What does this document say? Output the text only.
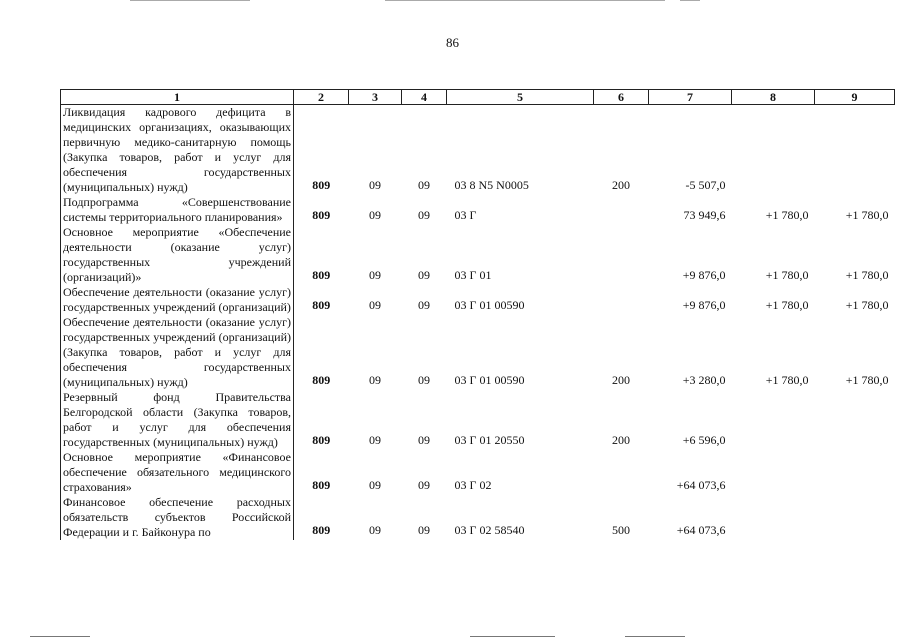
86
1	2	3	4	5	6	7	8	9
Ликвидация кадрового дефицита в медицинских организациях, оказывающих первичную медико-санитарную помощь (Закупка товаров, работ и услуг для обеспечения государственных (муниципальных) нужд)	809	09	09	03 8 N5 N0005	200	-5 507,0		
Подпрограмма «Совершенствование системы территориального планирования»	809	09	09	03 Г		73 949,6	+1 780,0	+1 780,0
Основное мероприятие «Обеспечение деятельности (оказание услуг) государственных учреждений (организаций)»	809	09	09	03 Г 01		+9 876,0	+1 780,0	+1 780,0
Обеспечение деятельности (оказание услуг) государственных учреждений (организаций)	809	09	09	03 Г 01 00590		+9 876,0	+1 780,0	+1 780,0
Обеспечение деятельности (оказание услуг) государственных учреждений (организаций) (Закупка товаров, работ и услуг для обеспечения государственных (муниципальных) нужд)	809	09	09	03 Г 01 00590	200	+3 280,0	+1 780,0	+1 780,0
Резервный фонд Правительства Белгородской области (Закупка товаров, работ и услуг для обеспечения государственных (муниципальных) нужд)	809	09	09	03 Г 01 20550	200	+6 596,0		
Основное мероприятие «Финансовое обеспечение обязательного медицинского страхования»	809	09	09	03 Г 02		+64 073,6		
Финансовое обеспечение расходных обязательств субъектов Российской Федерации и г. Байконура по	809	09	09	03 Г 02 58540	500	+64 073,6		
